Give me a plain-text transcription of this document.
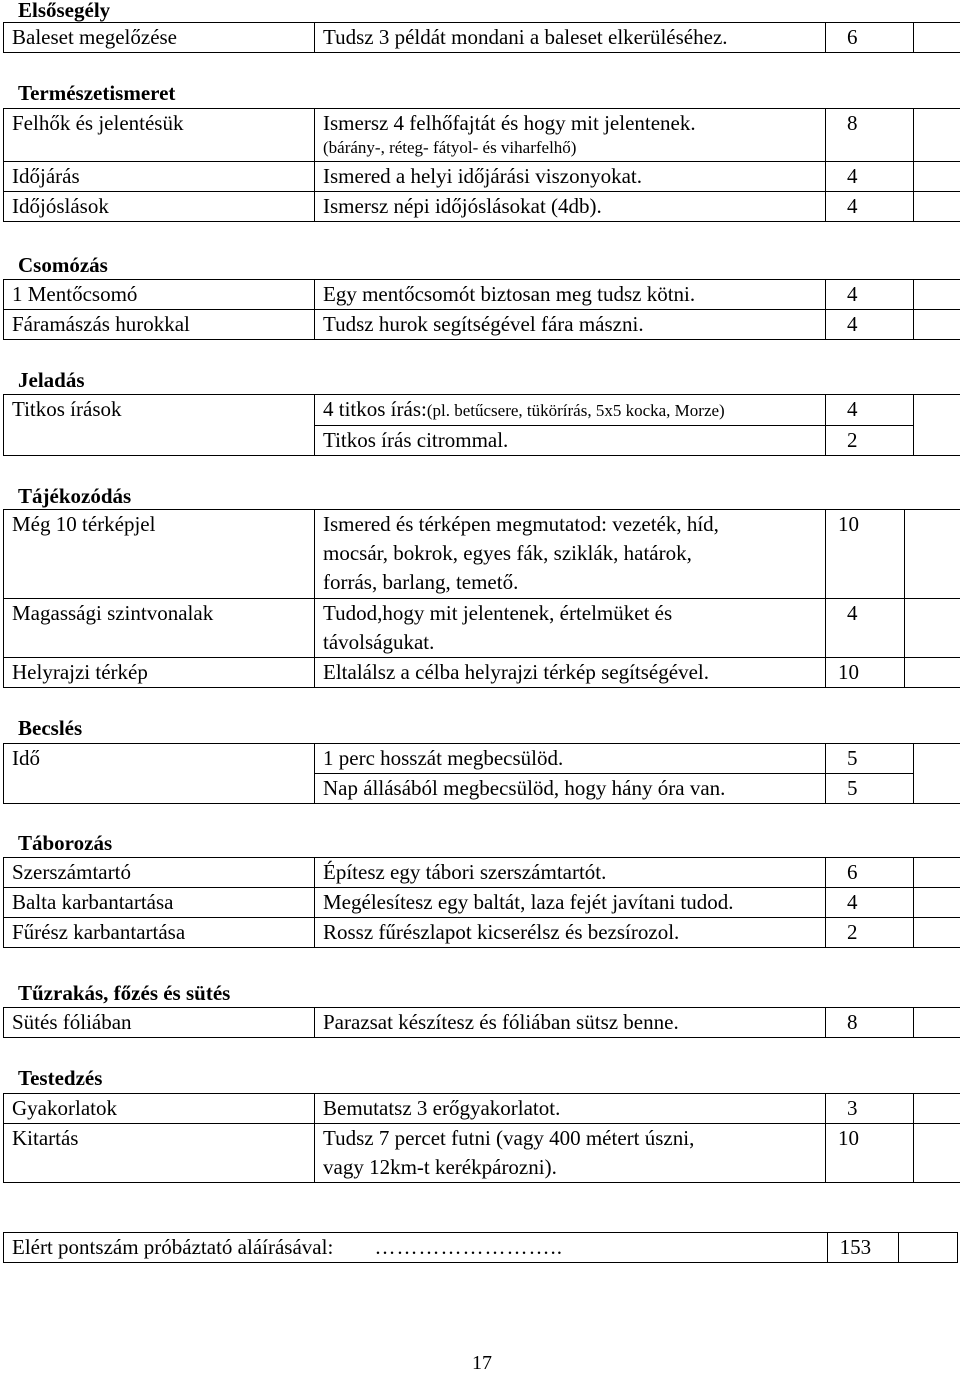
Elsősegély
Baleset megelőzése	Tudsz 3 példát mondani a baleset elkerüléséhez.	6	
Természetismeret
Felhők és jelentésük	Ismersz 4 felhőfajtát és hogy mit jelentenek.
(bárány-, réteg- fátyol- és viharfelhő)	8	
Időjárás	Ismered a helyi időjárási viszonyokat.	4	
Időjóslások	Ismersz népi időjóslásokat (4db).	4	
Csomózás
1 Mentőcsomó	Egy mentőcsomót biztosan meg tudsz kötni.	4	
Fáramászás hurokkal	Tudsz hurok segítségével fára mászni.	4	
Jeladás
Titkos írások	4 titkos írás:(pl. betűcsere, tükörírás, 5x5 kocka, Morze)	4	
	Titkos írás citrommal.	2	
Tájékozódás
Még 10 térképjel	Ismered és térképen megmutatod: vezeték, híd,
mocsár, bokrok, egyes fák, sziklák, határok,
forrás, barlang, temető.	10	
Magassági szintvonalak	Tudod,hogy mit jelentenek, értelmüket és
távolságukat.	4	
Helyrajzi térkép	Eltalálsz a célba helyrajzi térkép segítségével.	10	
Becslés
Idő	1 perc hosszát megbecsülöd.	5	
	Nap állásából megbecsülöd, hogy hány óra van.	5	
Táborozás
Szerszámtartó	Építesz egy tábori szerszámtartót.	6	
Balta karbantartása	Megélesítesz egy baltát, laza fejét javítani tudod.	4	
Fűrész karbantartása	Rossz fűrészlapot kicserélsz és bezsírozol.	2	
Tűzrakás, főzés és sütés
Sütés fóliában	Parazsat készítesz és fóliában sütsz benne.	8	
Testedzés
Gyakorlatok	Bemutatsz 3 erőgyakorlatot.	3	
Kitartás	Tudsz 7 percet futni (vagy 400 métert úszni,
vagy 12km-t kerékpározni).	10	
Elért pontszám próbáztató aláírásával: ……………………..	153	
17
